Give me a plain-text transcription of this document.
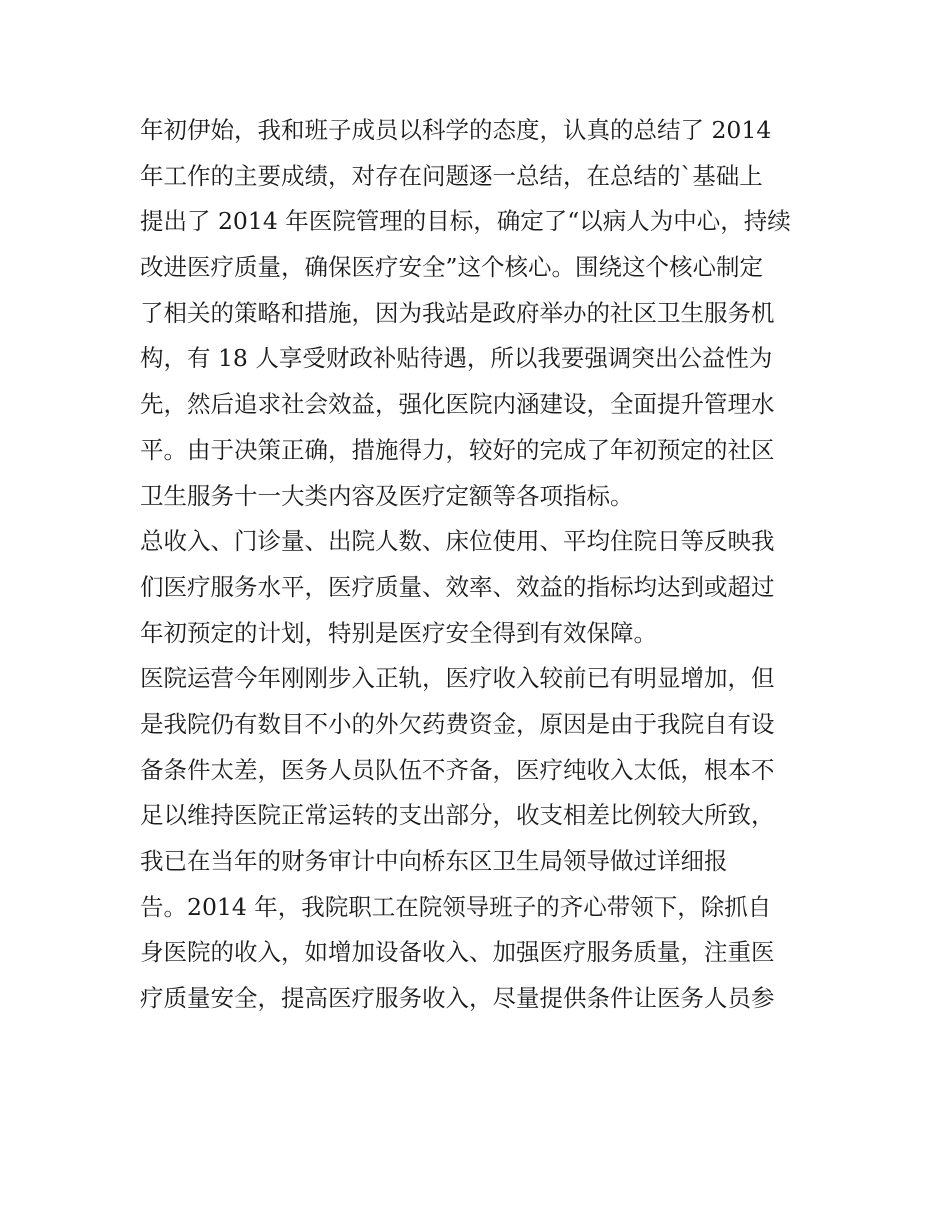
年初伊始，我和班子成员以科学的态度，认真的总结了 2014
年工作的主要成绩，对存在问题逐一总结，在总结的`基础上
提出了 2014 年医院管理的目标，确定了“以病人为中心，持续
改进医疗质量，确保医疗安全”这个核心。围绕这个核心制定
了相关的策略和措施，因为我站是政府举办的社区卫生服务机
构，有 18 人享受财政补贴待遇，所以我要强调突出公益性为
先，然后追求社会效益，强化医院内涵建设，全面提升管理水
平。由于决策正确，措施得力，较好的完成了年初预定的社区
卫生服务十一大类内容及医疗定额等各项指标。
总收入、门诊量、出院人数、床位使用、平均住院日等反映我
们医疗服务水平，医疗质量、效率、效益的指标均达到或超过
年初预定的计划，特别是医疗安全得到有效保障。
医院运营今年刚刚步入正轨，医疗收入较前已有明显增加，但
是我院仍有数目不小的外欠药费资金，原因是由于我院自有设
备条件太差，医务人员队伍不齐备，医疗纯收入太低，根本不
足以维持医院正常运转的支出部分，收支相差比例较大所致，
我已在当年的财务审计中向桥东区卫生局领导做过详细报
告。2014 年，我院职工在院领导班子的齐心带领下，除抓自
身医院的收入，如增加设备收入、加强医疗服务质量，注重医
疗质量安全，提高医疗服务收入，尽量提供条件让医务人员参
